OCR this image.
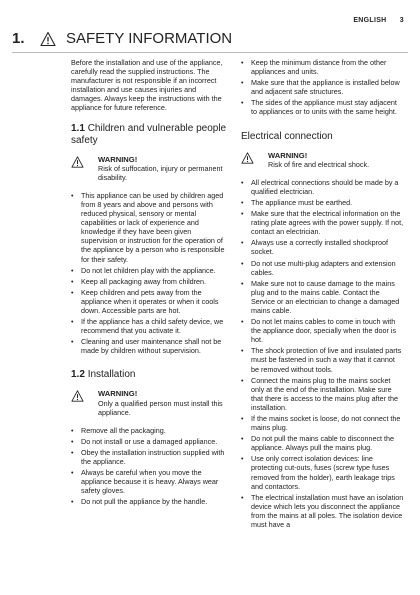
ENGLISH 3
1.	SAFETY INFORMATION

Before the installation and use of the appliance, carefully read the supplied instructions. The manufacturer is not responsible if an incorrect installation and use causes injuries and damages. Always keep the instructions with the appliance for future reference.

1.1 Children and vulnerable people safety
WARNING!
Risk of suffocation, injury or permanent disability.
• This appliance can be used by children aged from 8 years and above and persons with reduced physical, sensory or mental capabilities or lack of experience and knowledge if they have been given supervision or instruction for the operation of the appliance by a person who is responsible for their safety.
• Do not let children play with the appliance.
• Keep all packaging away from children.
• Keep children and pets away from the appliance when it operates or when it cools down. Accessible parts are hot.
• If the appliance has a child safety device, we recommend that you activate it.
• Cleaning and user maintenance shall not be made by children without supervision.
1.2 Installation
WARNING!
Only a qualified person must install this appliance.
• Remove all the packaging.
• Do not install or use a damaged appliance.
• Obey the installation instruction supplied with the appliance.
• Always be careful when you move the appliance because it is heavy. Always wear safety gloves.
• Do not pull the appliance by the handle.
• Keep the minimum distance from the other appliances and units.
• Make sure that the appliance is installed below and adjacent safe structures.
• The sides of the appliance must stay adjacent to appliances or to units with the same height.
Electrical connection
WARNING!
Risk of fire and electrical shock.
• All electrical connections should be made by a qualified electrician.
• The appliance must be earthed.
• Make sure that the electrical information on the rating plate agrees with the power supply. If not, contact an electrician.
• Always use a correctly installed shockproof socket.
• Do not use multi-plug adapters and extension cables.
• Make sure not to cause damage to the mains plug and to the mains cable. Contact the Service or an electrician to change a damaged mains cable.
• Do not let mains cables to come in touch with the appliance door, specially when the door is hot.
• The shock protection of live and insulated parts must be fastened in such a way that it cannot be removed without tools.
• Connect the mains plug to the mains socket only at the end of the installation. Make sure that there is access to the mains plug after the installation.
• If the mains socket is loose, do not connect the mains plug.
• Do not pull the mains cable to disconnect the appliance. Always pull the mains plug.
• Use only correct isolation devices: line protecting cut-outs, fuses (screw type fuses removed from the holder), earth leakage trips and contactors.
• The electrical installation must have an isolation device which lets you disconnect the appliance from the mains at all poles. The isolation device must have a
